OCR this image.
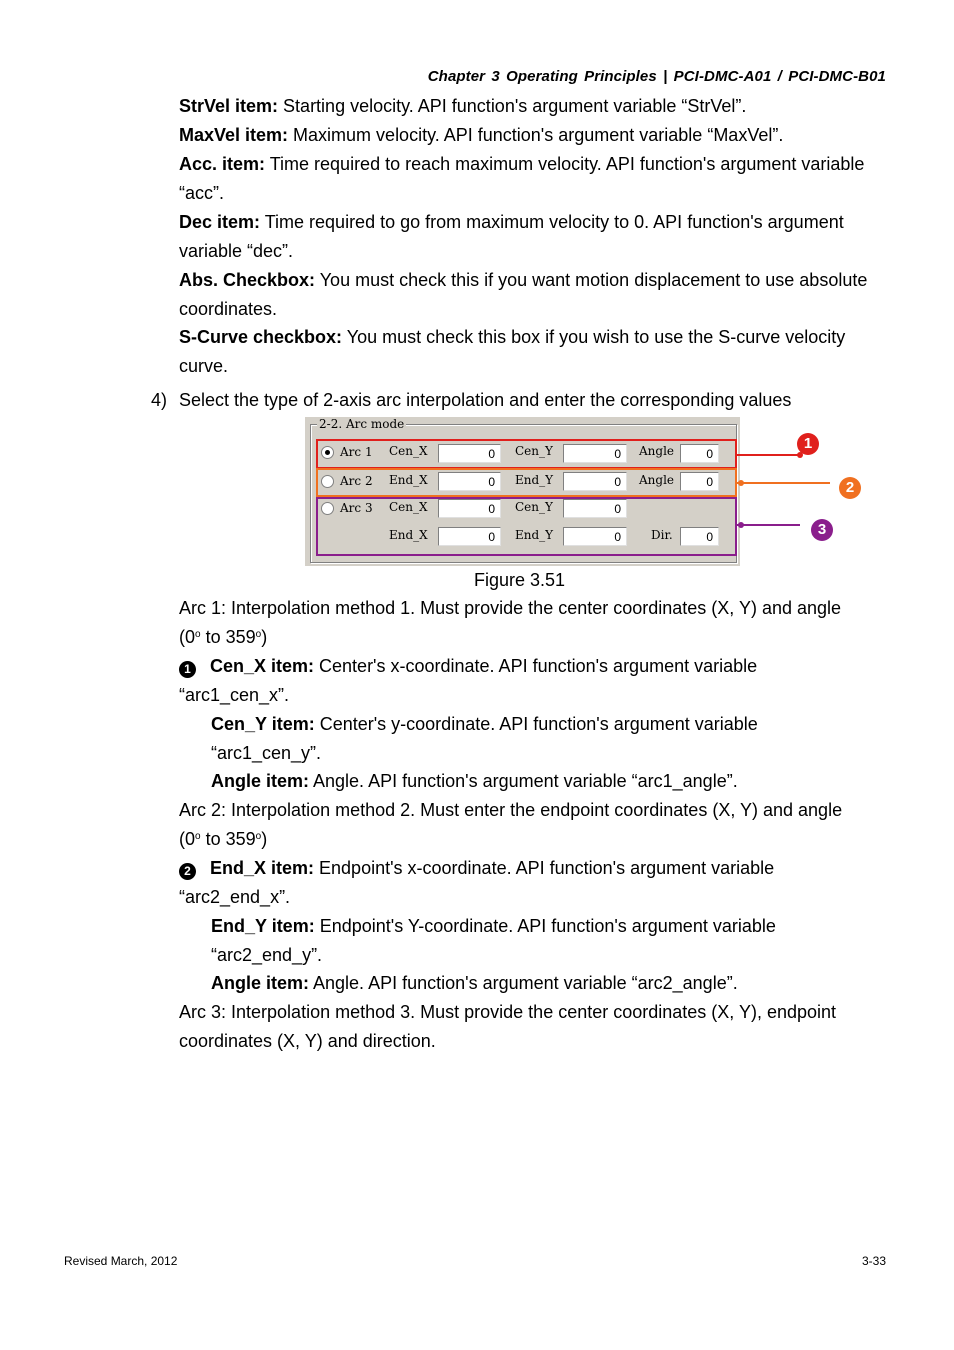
Chapter 3 Operating Principles | PCI-DMC-A01 / PCI-DMC-B01

StrVel item: Starting velocity. API function's argument variable “StrVel”.

MaxVel item: Maximum velocity. API function's argument variable “MaxVel”.

Acc. item: Time required to reach maximum velocity. API function's argument variable “acc”.

Dec item: Time required to go from maximum velocity to 0. API function's argument variable “dec”.

Abs. Checkbox: You must check this if you want motion displacement to use absolute coordinates.

S-Curve checkbox: You must check this box if you wish to use the S-curve velocity curve.

4) Select the type of 2-axis arc interpolation and enter the corresponding values

2-2. Arc mode
Arc 1 Cen_X	0	Cen_Y	0	Angle	0
Arc 2 End_X	0	End_Y	0	Angle	0
Arc 3 Cen_X	0	Cen_Y	0
End_X	0	End_Y	0	Dir.	0
1
2
3
Figure 3.51

Arc 1: Interpolation method 1. Must provide the center coordinates (X, Y) and angle
(0$^o$ to 359$^o$)

1 Cen_X item: Center's x-coordinate. API function's argument variable
“arc1_cen_x”.

Cen_Y item: Center's y-coordinate. API function's argument variable
“arc1_cen_y”.

Angle item: Angle. API function's argument variable “arc1_angle”.

Arc 2: Interpolation method 2. Must enter the endpoint coordinates (X, Y) and angle
(0$^o$ to 359$^o$)

2 End_X item: Endpoint's x-coordinate. API function's argument variable
“arc2_end_x”.

End_Y item: Endpoint's Y-coordinate. API function's argument variable
“arc2_end_y”.

Angle item: Angle. API function's argument variable “arc2_angle”.

Arc 3: Interpolation method 3. Must provide the center coordinates (X, Y), endpoint coordinates (X, Y) and direction.

Revised March, 2012	3-33
